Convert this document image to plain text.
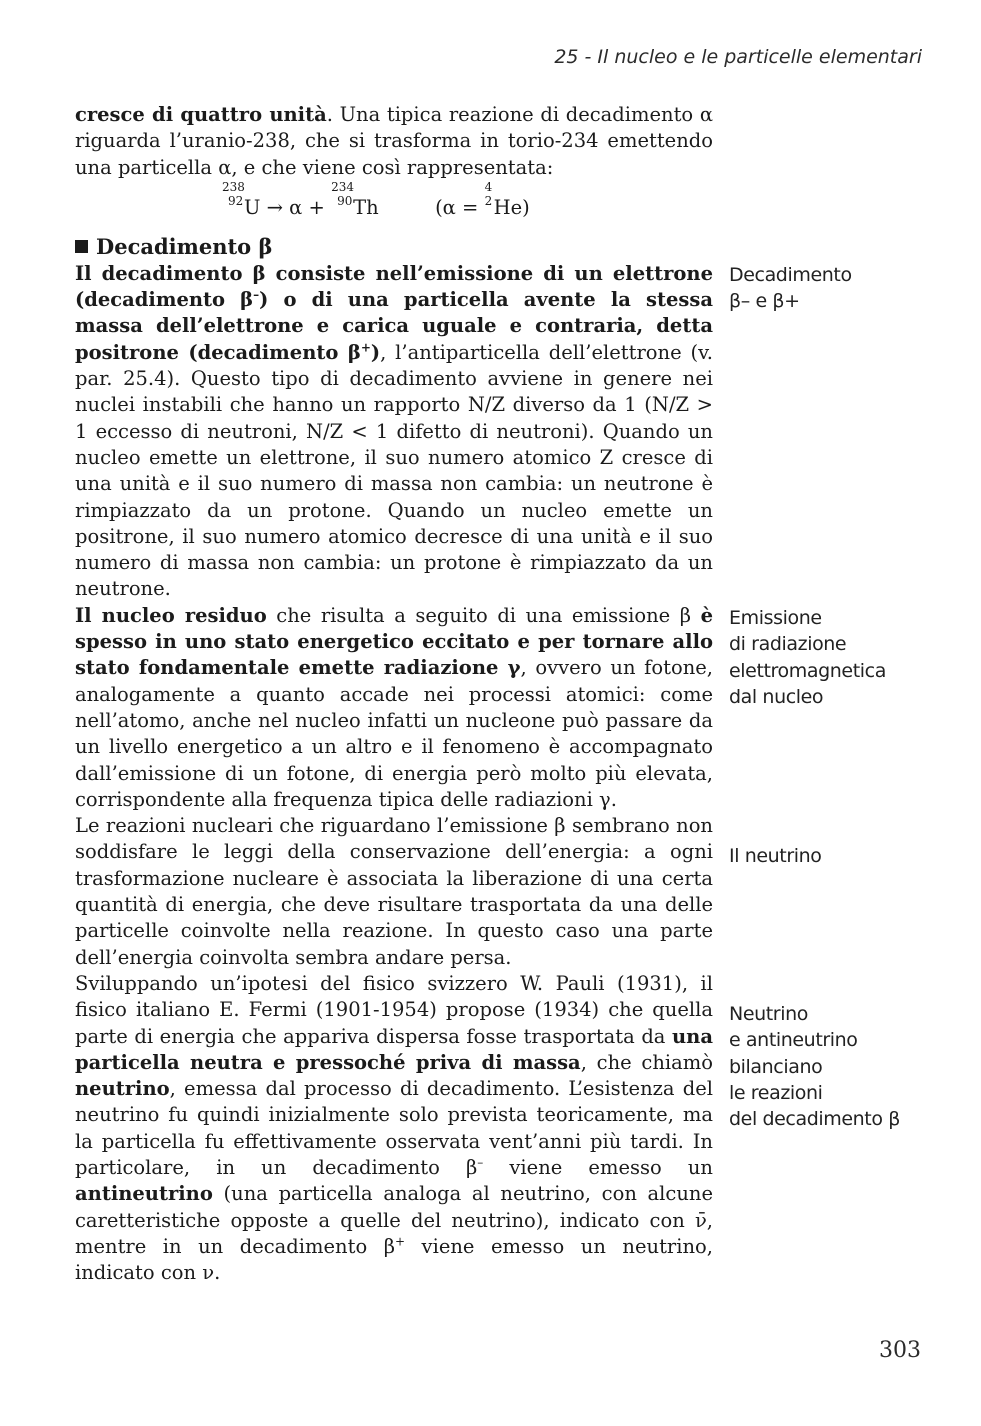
25 - Il nucleo e le particelle elementari

cresce di quattro unità. Una tipica reazione di decadimento α riguarda l’uranio-238, che si trasforma in torio-234 emettendo una particella α, e che viene così rappresentata:

238
92 U → α +
234
90 Th	(α =
4
2 He)
Decadimento β

Il decadimento β consiste nell’emissione di un elettrone (decadimento β–) o di una particella avente la stessa massa dell’elettrone e carica uguale e contraria, detta positrone (decadimento β+), l’antiparticella dell’elettrone (v. par. 25.4). Questo tipo di decadimento avviene in genere nei nuclei instabili che hanno un rapporto N/Z diverso da 1 (N/Z > 1 eccesso di neutroni, N/Z < 1 difetto di neutroni). Quando un nucleo emette un elettrone, il suo numero atomico Z cresce di una unità e il suo numero di massa non cambia: un neutrone è rimpiazzato da un protone. Quando un nucleo emette un positrone, il suo numero atomico decresce di una unità e il suo numero di massa non cambia: un protone è rimpiazzato da un neutrone.

Il nucleo residuo che risulta a seguito di una emissione β è spesso in uno stato energetico eccitato e per tornare allo stato fondamentale emette radiazione γ, ovvero un fotone, analogamente a quanto accade nei processi atomici: come nell’atomo, anche nel nucleo infatti un nucleone può passare da un livello energetico a un altro e il fenomeno è accompagnato dall’emissione di un fotone, di energia però molto più elevata, corrispondente alla frequenza tipica delle radiazioni γ.

Le reazioni nucleari che riguardano l’emissione β sembrano non soddisfare le leggi della conservazione dell’energia: a ogni trasformazione nucleare è associata la liberazione di una certa quantità di energia, che deve risultare trasportata da una delle particelle coinvolte nella reazione. In questo caso una parte dell’energia coinvolta sembra andare persa.

Sviluppando un’ipotesi del fisico svizzero W. Pauli (1931), il fisico italiano E. Fermi (1901-1954) propose (1934) che quella parte di energia che appariva dispersa fosse trasportata da una particella neutra e pressoché priva di massa, che chiamò neutrino, emessa dal processo di decadimento. L’esistenza del neutrino fu quindi inizialmente solo prevista teoricamente, ma la particella fu effettivamente osservata vent’anni più tardi. In particolare, in un decadimento β– viene emesso un antineutrino (una particella analoga al neutrino, con alcune caretteristiche opposte a quelle del neutrino), indicato con ν̄, mentre in un decadimento β+ viene emesso un neutrino, indicato con ν.

Decadimento
β– e β+
Emissione
di radiazione
elettromagnetica
dal nucleo
Il neutrino
Neutrino
e antineutrino
bilanciano
le reazioni
del decadimento β
303
